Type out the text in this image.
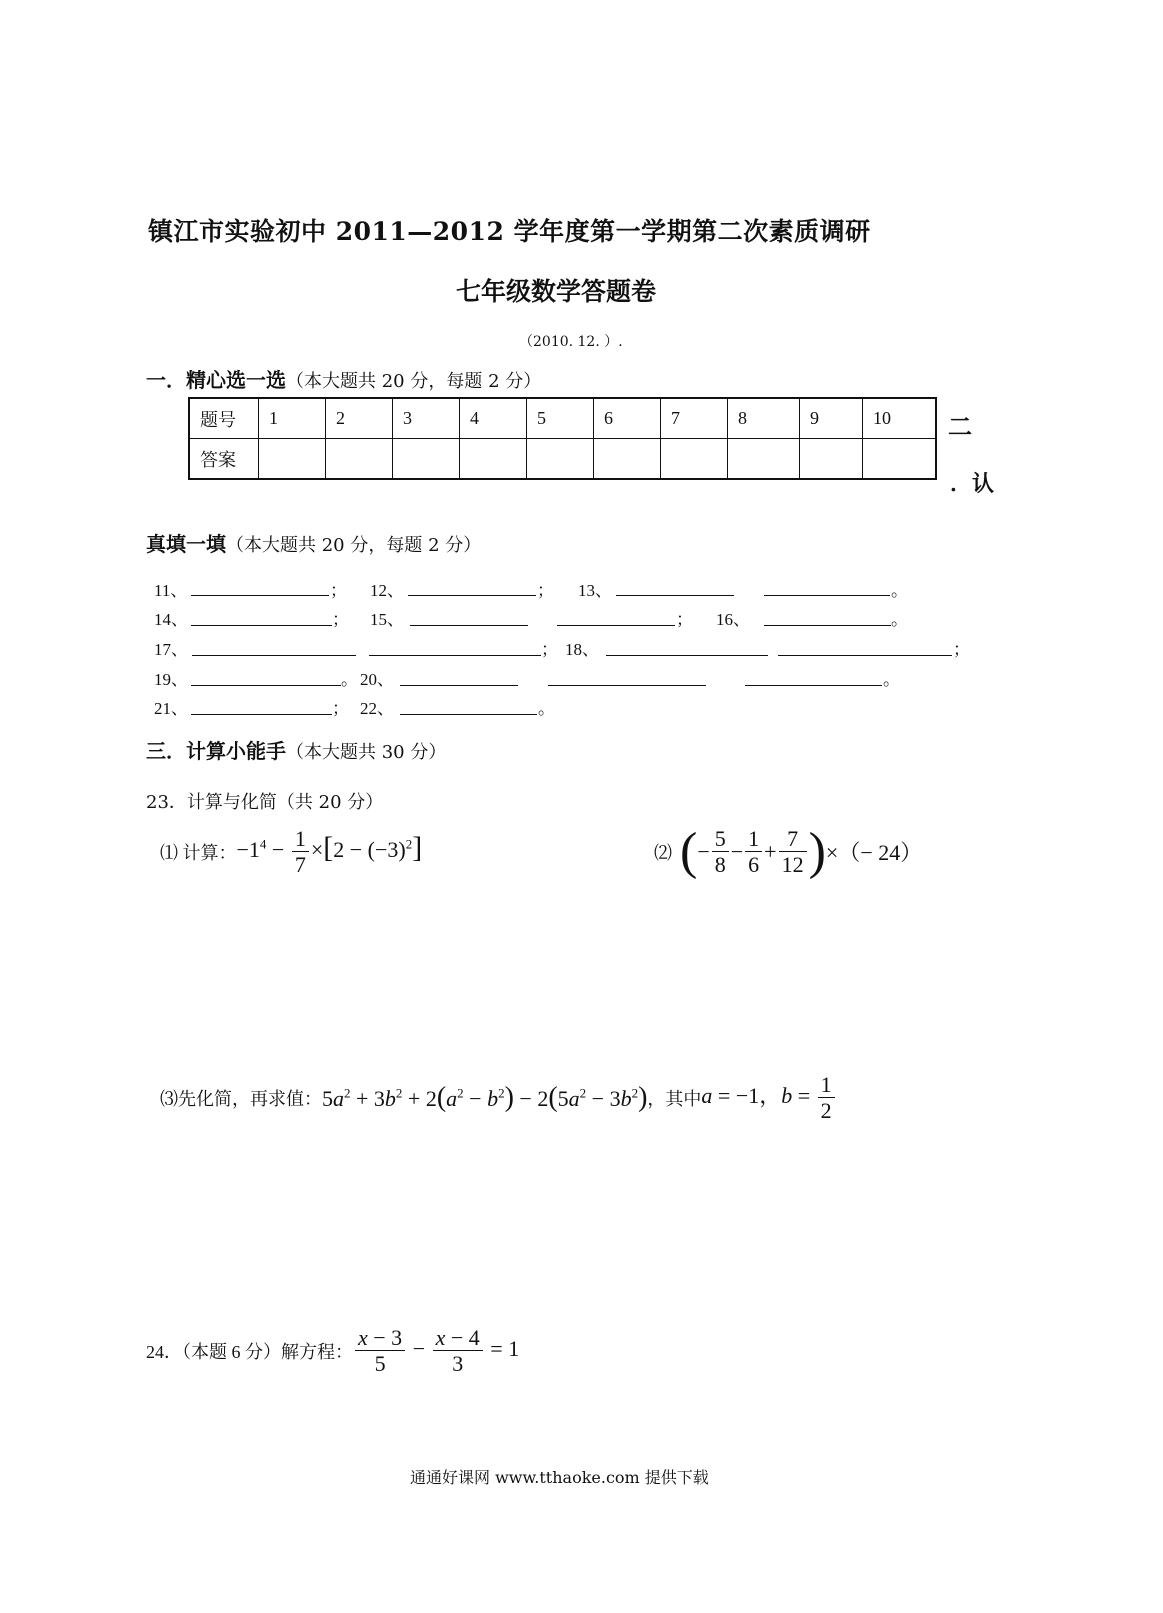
镇江市实验初中 2011—2012 学年度第一学期第二次素质调研
七年级数学答题卷
（2010. 12. ）.
一．精心选一选（本大题共 20 分，每题 2 分）
题号	1	2	3	4	5	6	7	8	9	10
答案										
二
．认
真填一填（本大题共 20 分，每题 2 分）
11、	； 12、	； 13、	。
14、	； 15、	； 16、	。
17、	； 18、	；
19、	。 20、	。
21、	； 22、	。
三．计算小能手（本大题共 30 分）
23．计算与化简（共 20 分）
⑴ 计算： $-1^4 - \frac{1}{7} \times[2 - (-3)^2]$	⑵ ( − $\frac{5}{8} - \frac{1}{6} + \frac{7}{12}$ ) ×（− 24）
⑶先化简，再求值： $5a^2 + 3b^2 + 2(a^2 - b^2) - 2(5a^2 - 3b^2)$ ，其中 a = −1，$b = \frac{1}{2}$
24．（本题 6 分）解方程： $\frac{x - 3}{5} - \frac{x - 4}{3} = 1$
通通好课网 www.tthaoke.com 提供下载
